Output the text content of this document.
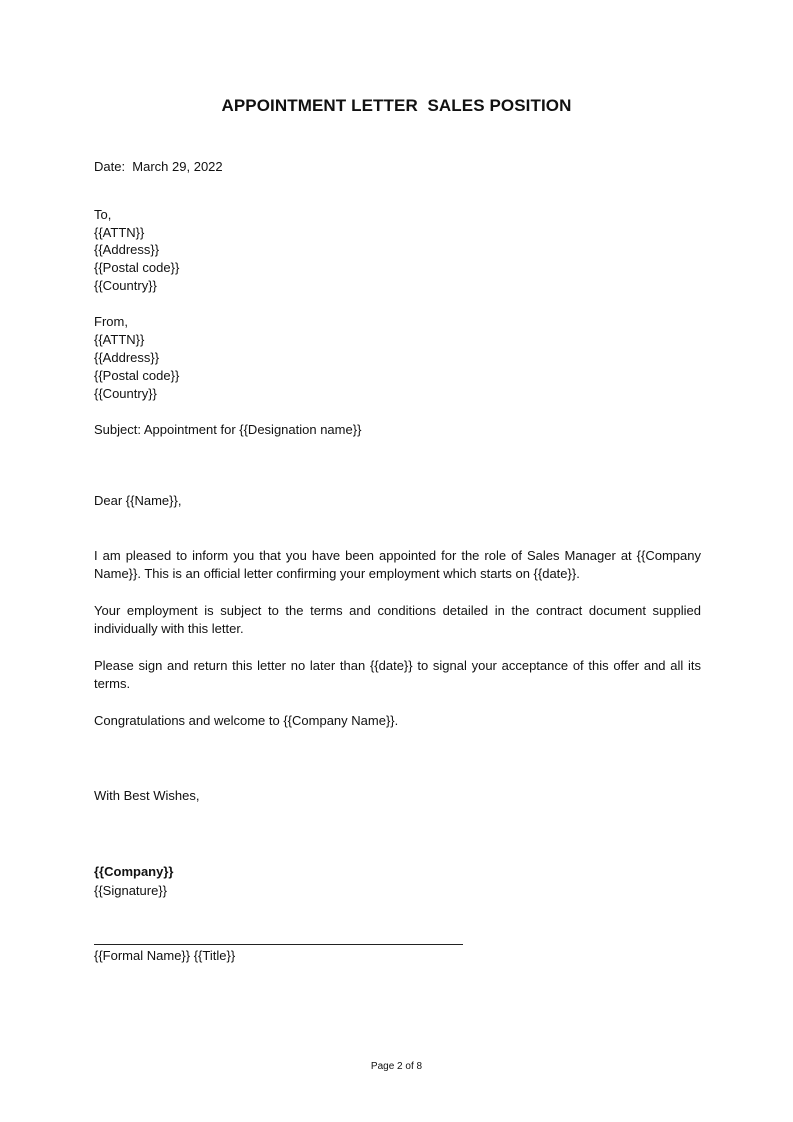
APPOINTMENT LETTER  SALES POSITION
Date:  March 29, 2022
To,
{{ATTN}}
{{Address}}
{{Postal code}}
{{Country}}
From,
{{ATTN}}
{{Address}}
{{Postal code}}
{{Country}}
Subject: Appointment for {{Designation name}}
Dear {{Name}},
I am pleased to inform you that you have been appointed for the role of Sales Manager at {{Company Name}}. This is an official letter confirming your employment which starts on {{date}}.
Your employment is subject to the terms and conditions detailed in the contract document supplied individually with this letter.
Please sign and return this letter no later than {{date}} to signal your acceptance of this offer and all its terms.
Congratulations and welcome to {{Company Name}}.
With Best Wishes,
{{Company}}
{{Signature}}
{{Formal Name}} {{Title}}
Page 2 of 8
